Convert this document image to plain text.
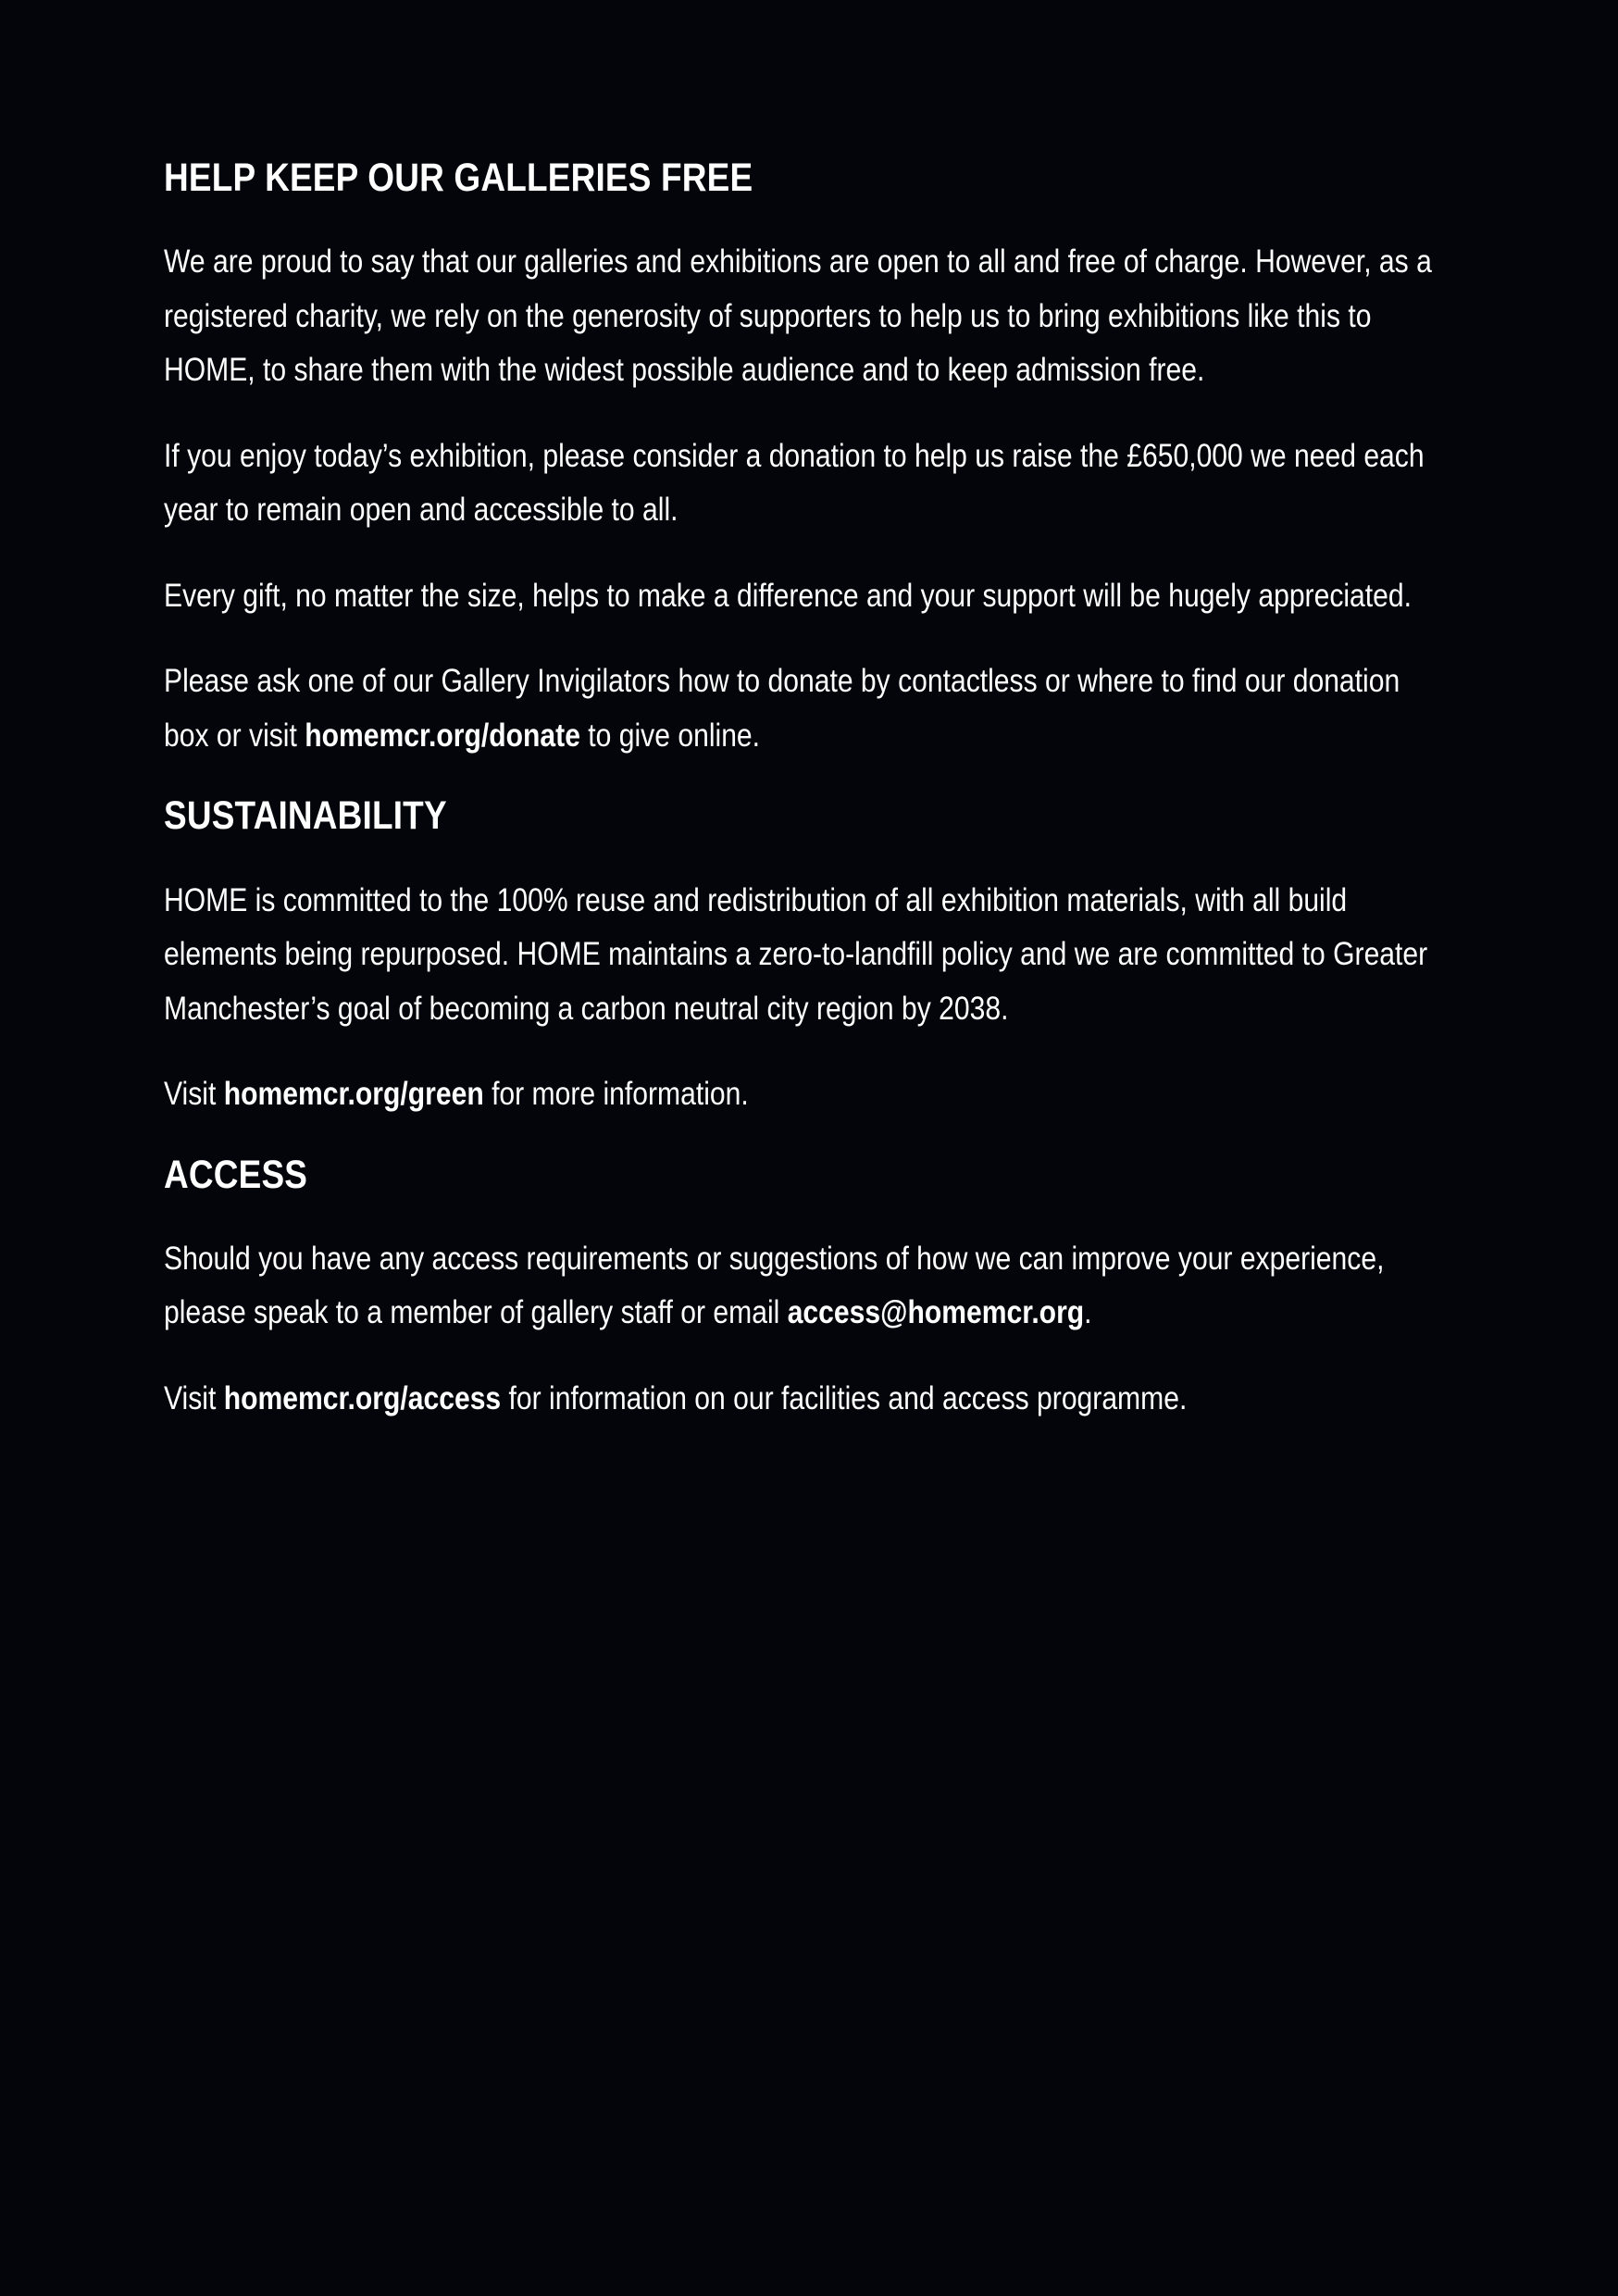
HELP KEEP OUR GALLERIES FREE

We are proud to say that our galleries and exhibitions are open to all and free of charge. However, as a registered charity, we rely on the generosity of supporters to help us to bring exhibitions like this to HOME, to share them with the widest possible audience and to keep admission free.

If you enjoy today’s exhibition, please consider a donation to help us raise the £650,000 we need each year to remain open and accessible to all.

Every gift, no matter the size, helps to make a difference and your support will be hugely appreciated.

Please ask one of our Gallery Invigilators how to donate by contactless or where to find our donation box or visit homemcr.org/donate to give online.

SUSTAINABILITY

HOME is committed to the 100% reuse and redistribution of all exhibition materials, with all build elements being repurposed. HOME maintains a zero-to-landfill policy and we are committed to Greater Manchester’s goal of becoming a carbon neutral city region by 2038.

Visit homemcr.org/green for more information.

ACCESS

Should you have any access requirements or suggestions of how we can improve your experience, please speak to a member of gallery staff or email access@homemcr.org.

Visit homemcr.org/access for information on our facilities and access programme.
